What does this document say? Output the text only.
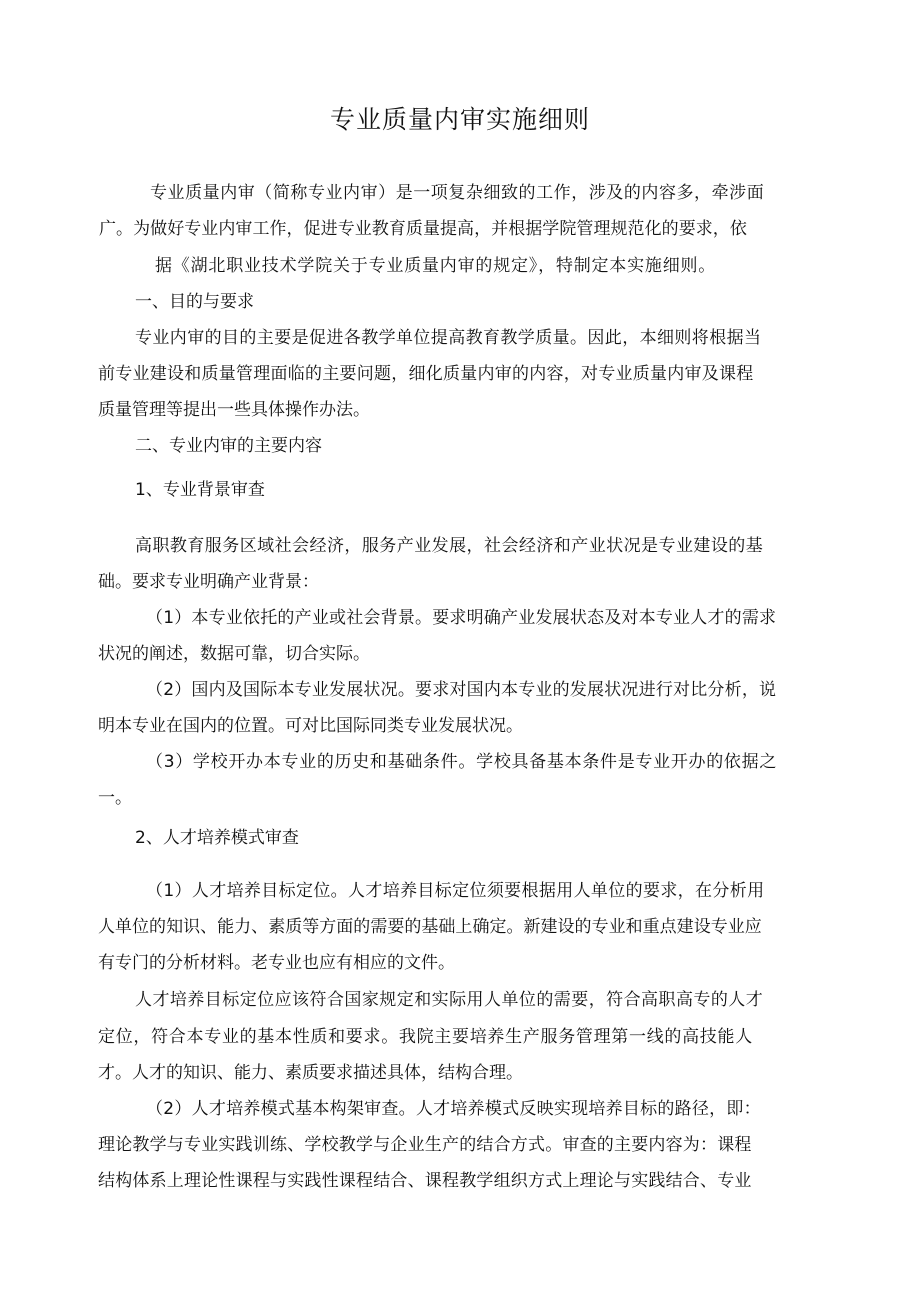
专业质量内审实施细则
专业质量内审（简称专业内审）是一项复杂细致的工作，涉及的内容多，牵涉面
广。为做好专业内审工作，促进专业教育质量提高，并根据学院管理规范化的要求，依
据《湖北职业技术学院关于专业质量内审的规定》，特制定本实施细则。
一、目的与要求
专业内审的目的主要是促进各教学单位提高教育教学质量。因此，本细则将根据当
前专业建设和质量管理面临的主要问题，细化质量内审的内容，对专业质量内审及课程
质量管理等提出一些具体操作办法。
二、专业内审的主要内容
1、专业背景审查
高职教育服务区域社会经济，服务产业发展，社会经济和产业状况是专业建设的基
础。要求专业明确产业背景：
（1）本专业依托的产业或社会背景。要求明确产业发展状态及对本专业人才的需求
状况的阐述，数据可靠，切合实际。
（2）国内及国际本专业发展状况。要求对国内本专业的发展状况进行对比分析，说
明本专业在国内的位置。可对比国际同类专业发展状况。
（3）学校开办本专业的历史和基础条件。学校具备基本条件是专业开办的依据之
一。
2、人才培养模式审查
（1）人才培养目标定位。人才培养目标定位须要根据用人单位的要求，在分析用
人单位的知识、能力、素质等方面的需要的基础上确定。新建设的专业和重点建设专业应
有专门的分析材料。老专业也应有相应的文件。
人才培养目标定位应该符合国家规定和实际用人单位的需要，符合高职高专的人才
定位，符合本专业的基本性质和要求。我院主要培养生产服务管理第一线的高技能人
才。人才的知识、能力、素质要求描述具体，结构合理。
（2）人才培养模式基本构架审查。人才培养模式反映实现培养目标的路径，即：
理论教学与专业实践训练、学校教学与企业生产的结合方式。审查的主要内容为：课程
结构体系上理论性课程与实践性课程结合、课程教学组织方式上理论与实践结合、专业
